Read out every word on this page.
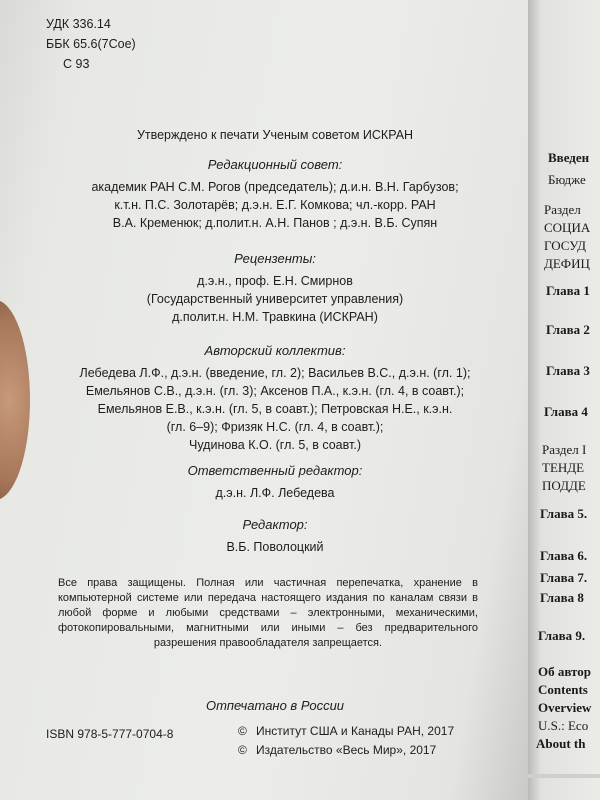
УДК 336.14
ББК 65.6(7Сое)
С 93
Утверждено к печати Ученым советом ИСКРАН
Редакционный совет:
академик РАН С.М. Рогов (председатель); д.и.н. В.Н. Гарбузов;
к.т.н. П.С. Золотарёв; д.э.н. Е.Г. Комкова; чл.-корр. РАН
В.А. Кременюк; д.полит.н. А.Н. Панов ; д.э.н. В.Б. Супян
Рецензенты:
д.э.н., проф. Е.Н. Смирнов
(Государственный университет управления)
д.полит.н. Н.М. Травкина (ИСКРАН)
Авторский коллектив:
Лебедева Л.Ф., д.э.н. (введение, гл. 2); Васильев В.С., д.э.н. (гл. 1);
Емельянов С.В., д.э.н. (гл. 3); Аксенов П.А., к.э.н. (гл. 4, в соавт.);
Емельянов Е.В., к.э.н. (гл. 5, в соавт.); Петровская Н.Е., к.э.н.
(гл. 6–9); Фризяк Н.С. (гл. 4, в соавт.);
Чудинова К.О. (гл. 5, в соавт.)
Ответственный редактор:
д.э.н. Л.Ф. Лебедева
Редактор:
В.Б. Поволоцкий
Все права защищены. Полная или частичная перепечатка, хранение в компьютерной системе или передача настоящего издания по каналам связи в любой форме и любыми средствами – электронными, механическими, фотокопировальными, магнитными или иными – без предварительного разрешения правообладателя запрещается.
Отпечатано в России
ISBN 978-5-777-0704-8	© Институт США и Канады РАН, 2017
© Издательство «Весь Мир», 2017
Введен
Бюдже
Раздел
СОЦИА
ГОСУД
ДЕФИЦ
Глава 1
Глава 2
Глава 3
Глава 4
Раздел I
ТЕНДЕ
ПОДДЕ
Глава 5.
Глава 6.
Глава 7.
Глава 8
Глава 9.
Об автор
Contents
Overview
U.S.: Eco
About th
